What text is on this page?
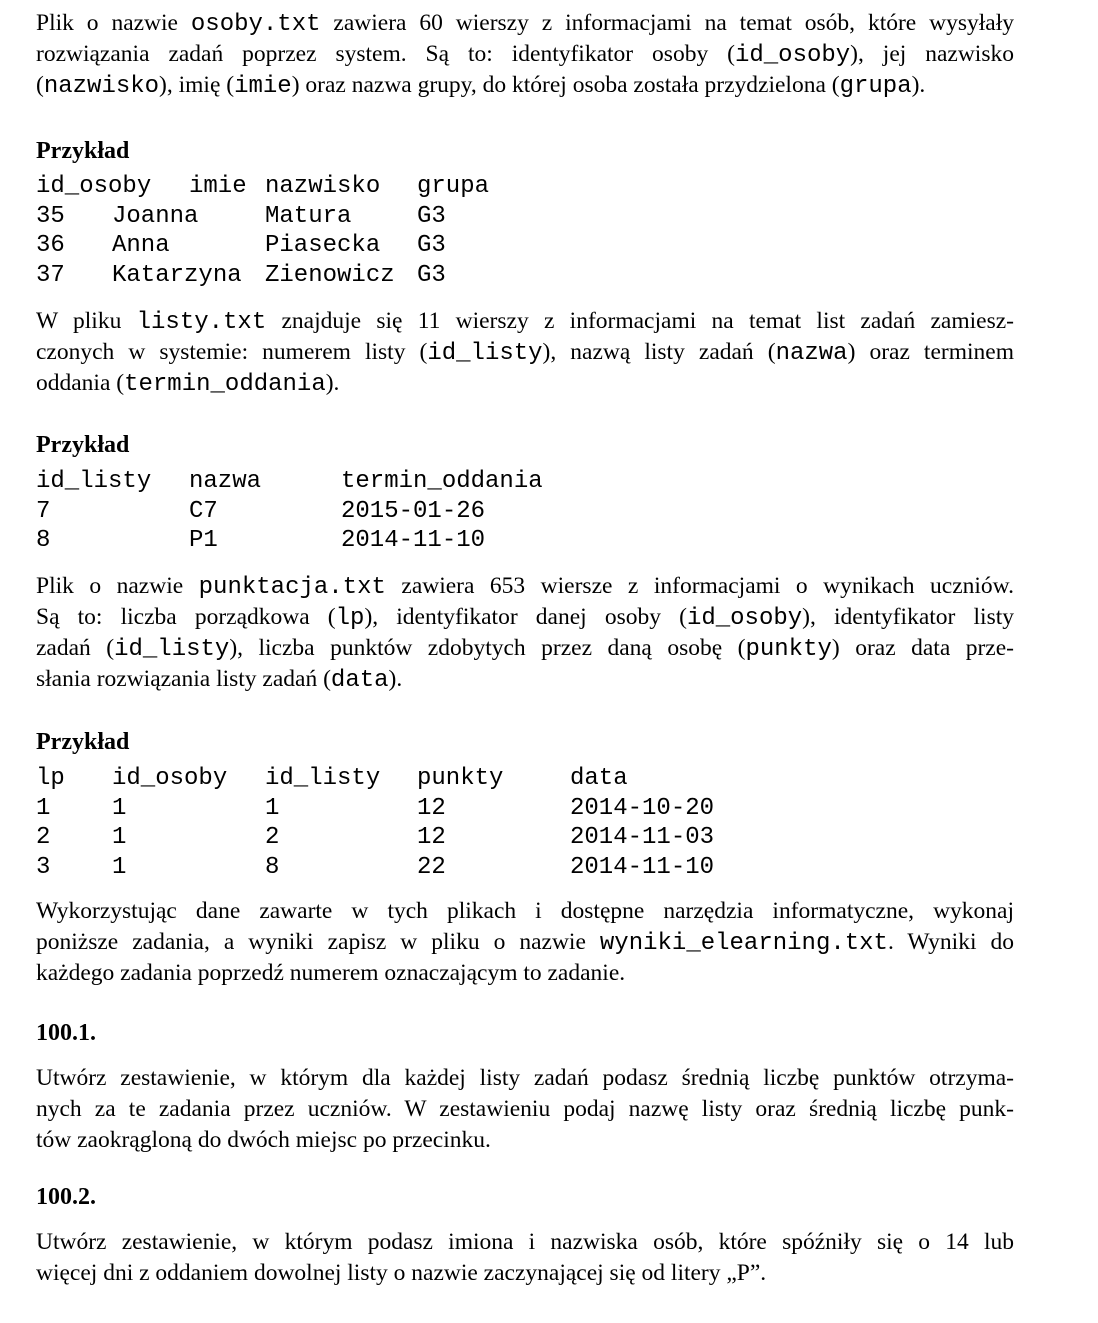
Plik o nazwie osoby.txt zawiera 60 wierszy z informacjami na temat osób, które wysyłały
rozwiązania zadań poprzez system. Są to: identyfikator osoby (id_osoby), jej nazwisko
(nazwisko), imię (imie) oraz nazwa grupy, do której osoba została przydzielona (grupa).
Przykład
id_osoby imie nazwisko grupa
35 Joanna	Matura	G3
36 Anna	Piasecka G3
37 Katarzyna Zienowicz G3
W pliku listy.txt znajduje się 11 wierszy z informacjami na temat list zadań zamiesz-
czonych w systemie: numerem listy (id_listy), nazwą listy zadań (nazwa) oraz terminem
oddania (termin_oddania).
Przykład
id_listy nazwa	termin_oddania
7	C7	2015-01-26
8	P1	2014-11-10
Plik o nazwie punktacja.txt zawiera 653 wiersze z informacjami o wynikach uczniów.
Są to: liczba porządkowa (lp), identyfikator danej osoby (id_osoby), identyfikator listy
zadań (id_listy), liczba punktów zdobytych przez daną osobę (punkty) oraz data prze-
słania rozwiązania listy zadań (data).
Przykład
lp id_osoby id_listy punkty	data
1	1	1	12	2014-10-20
2	1	2	12	2014-11-03
3	1	8	22	2014-11-10
Wykorzystując dane zawarte w tych plikach i dostępne narzędzia informatyczne, wykonaj
poniższe zadania, a wyniki zapisz w pliku o nazwie wyniki_elearning.txt. Wyniki do
każdego zadania poprzedź numerem oznaczającym to zadanie.
100.1.
Utwórz zestawienie, w którym dla każdej listy zadań podasz średnią liczbę punktów otrzyma-
nych za te zadania przez uczniów. W zestawieniu podaj nazwę listy oraz średnią liczbę punk-
tów zaokrągloną do dwóch miejsc po przecinku.
100.2.
Utwórz zestawienie, w którym podasz imiona i nazwiska osób, które spóźniły się o 14 lub
więcej dni z oddaniem dowolnej listy o nazwie zaczynającej się od litery „P”.
